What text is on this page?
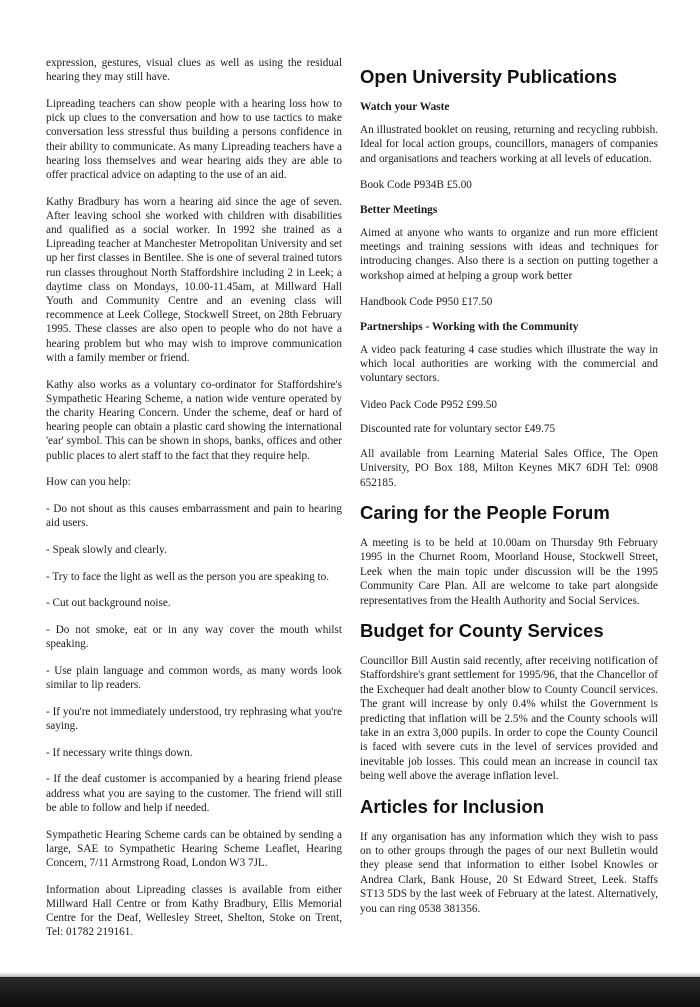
expression, gestures, visual clues as well as using the residual hearing they may still have.

Lipreading teachers can show people with a hearing loss how to pick up clues to the conversation and how to use tactics to make conversation less stressful thus building a persons confidence in their ability to communicate. As many Lipreading teachers have a hearing loss themselves and wear hearing aids they are able to offer practical advice on adapting to the use of an aid.

Kathy Bradbury has worn a hearing aid since the age of seven. After leaving school she worked with children with disabilities and qualified as a social worker. In 1992 she trained as a Lipreading teacher at Manchester Metropolitan University and set up her first classes in Bentilee. She is one of several trained tutors run classes throughout North Staffordshire including 2 in Leek; a daytime class on Mondays, 10.00-11.45am, at Millward Hall Youth and Community Centre and an evening class will recommence at Leek College, Stockwell Street, on 28th February 1995. These classes are also open to people who do not have a hearing problem but who may wish to improve communication with a family member or friend.

Kathy also works as a voluntary co-ordinator for Staffordshire's Sympathetic Hearing Scheme, a nation wide venture operated by the charity Hearing Concern. Under the scheme, deaf or hard of hearing people can obtain a plastic card showing the international 'ear' symbol. This can be shown in shops, banks, offices and other public places to alert staff to the fact that they require help.

How can you help:

- Do not shout as this causes embarrassment and pain to hearing aid users.

- Speak slowly and clearly.

- Try to face the light as well as the person you are speaking to.

- Cut out background noise.

- Do not smoke, eat or in any way cover the mouth whilst speaking.

- Use plain language and common words, as many words look similar to lip readers.

- If you're not immediately understood, try rephrasing what you're saying.

- If necessary write things down.

- If the deaf customer is accompanied by a hearing friend please address what you are saying to the customer. The friend will still be able to follow and help if needed.

Sympathetic Hearing Scheme cards can be obtained by sending a large, SAE to Sympathetic Hearing Scheme Leaflet, Hearing Concern, 7/11 Armstrong Road, London W3 7JL.

Information about Lipreading classes is available from either Millward Hall Centre or from Kathy Bradbury, Ellis Memorial Centre for the Deaf, Wellesley Street, Shelton, Stoke on Trent, Tel: 01782 219161.

Open University Publications
Watch your Waste

An illustrated booklet on reusing, returning and recycling rubbish. Ideal for local action groups, councillors, managers of companies and organisations and teachers working at all levels of education.

Book Code P934B £5.00

Better Meetings

Aimed at anyone who wants to organize and run more efficient meetings and training sessions with ideas and techniques for introducing changes. Also there is a section on putting together a workshop aimed at helping a group work better

Handbook Code P950 £17.50

Partnerships - Working with the Community

A video pack featuring 4 case studies which illustrate the way in which local authorities are working with the commercial and voluntary sectors.

Video Pack Code P952 £99.50

Discounted rate for voluntary sector £49.75

All available from Learning Material Sales Office, The Open University, PO Box 188, Milton Keynes MK7 6DH Tel: 0908 652185.

Caring for the People Forum

A meeting is to be held at 10.00am on Thursday 9th February 1995 in the Churnet Room, Moorland House, Stockwell Street, Leek when the main topic under discussion will be the 1995 Community Care Plan. All are welcome to take part alongside representatives from the Health Authority and Social Services.

Budget for County Services

Councillor Bill Austin said recently, after receiving notification of Staffordshire's grant settlement for 1995/96, that the Chancellor of the Exchequer had dealt another blow to County Council services. The grant will increase by only 0.4% whilst the Government is predicting that inflation will be 2.5% and the County schools will take in an extra 3,000 pupils. In order to cope the County Council is faced with severe cuts in the level of services provided and inevitable job losses. This could mean an increase in council tax being well above the average inflation level.

Articles for Inclusion

If any organisation has any information which they wish to pass on to other groups through the pages of our next Bulletin would they please send that information to either Isobel Knowles or Andrea Clark, Bank House, 20 St Edward Street, Leek. Staffs ST13 5DS by the last week of February at the latest. Alternatively, you can ring 0538 381356.
